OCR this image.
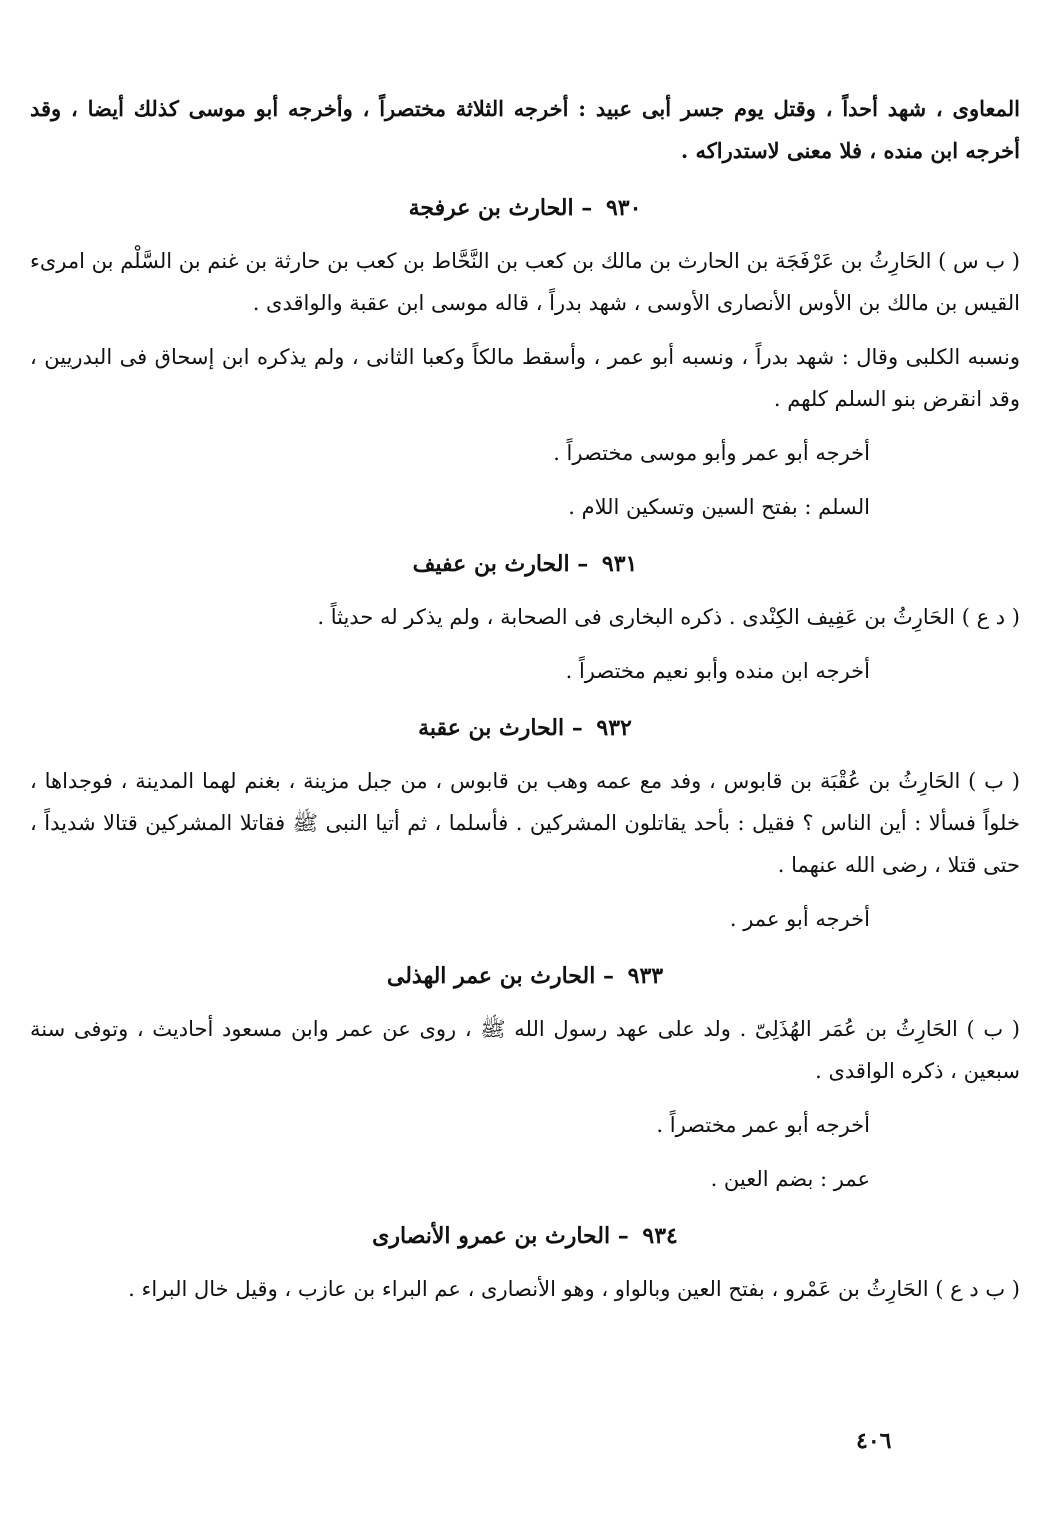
المعاوى ، شهد أحداً ، وقتل يوم جسر أبى عبيد : أخرجه الثلاثة مختصراً ، وأخرجه أبو موسى كذلك أيضا ، وقد أخرجه ابن منده ، فلا معنى لاستدراكه .

٩٣٠ – الحارث بن عرفجة

( ب س ) الحَارِثُ بن عَرْفَجَة بن الحارث بن مالك بن كعب بن النَّحَّاط بن كعب بن حارثة بن غنم بن السَّلْم بن امرىء القيس بن مالك بن الأوس الأنصارى الأوسى ، شهد بدراً ، قاله موسى ابن عقبة والواقدى .

ونسبه الكلبى وقال : شهد بدراً ، ونسبه أبو عمر ، وأسقط مالكاً وكعبا الثانى ، ولم يذكره ابن إسحاق فى البدريين ، وقد انقرض بنو السلم كلهم .

أخرجه أبو عمر وأبو موسى مختصراً .

السلم : بفتح السين وتسكين اللام .

٩٣١ – الحارث بن عفيف

( د ع ) الحَارِثُ بن عَفِيف الكِنْدى . ذكره البخارى فى الصحابة ، ولم يذكر له حديثاً .

أخرجه ابن منده وأبو نعيم مختصراً .

٩٣٢ – الحارث بن عقبة

( ب ) الحَارِثُ بن عُقْبَة بن قابوس ، وفد مع عمه وهب بن قابوس ، من جبل مزينة ، بغنم لهما المدينة ، فوجداها ، خلواً فسألا : أين الناس ؟ فقيل : بأحد يقاتلون المشركين . فأسلما ، ثم أتيا النبى ﷺ فقاتلا المشركين قتالا شديداً ، حتى قتلا ، رضى الله عنهما .

أخرجه أبو عمر .

٩٣٣ – الحارث بن عمر الهذلى

( ب ) الحَارِثُ بن عُمَر الهُذَلِىّ . ولد على عهد رسول الله ﷺ ، روى عن عمر وابن مسعود أحاديث ، وتوفى سنة سبعين ، ذكره الواقدى .

أخرجه أبو عمر مختصراً .

عمر : بضم العين .

٩٣٤ – الحارث بن عمرو الأنصارى

( ب د ع ) الحَارِثُ بن عَمْرو ، بفتح العين وبالواو ، وهو الأنصارى ، عم البراء بن عازب ، وقيل خال البراء .

٤٠٦
